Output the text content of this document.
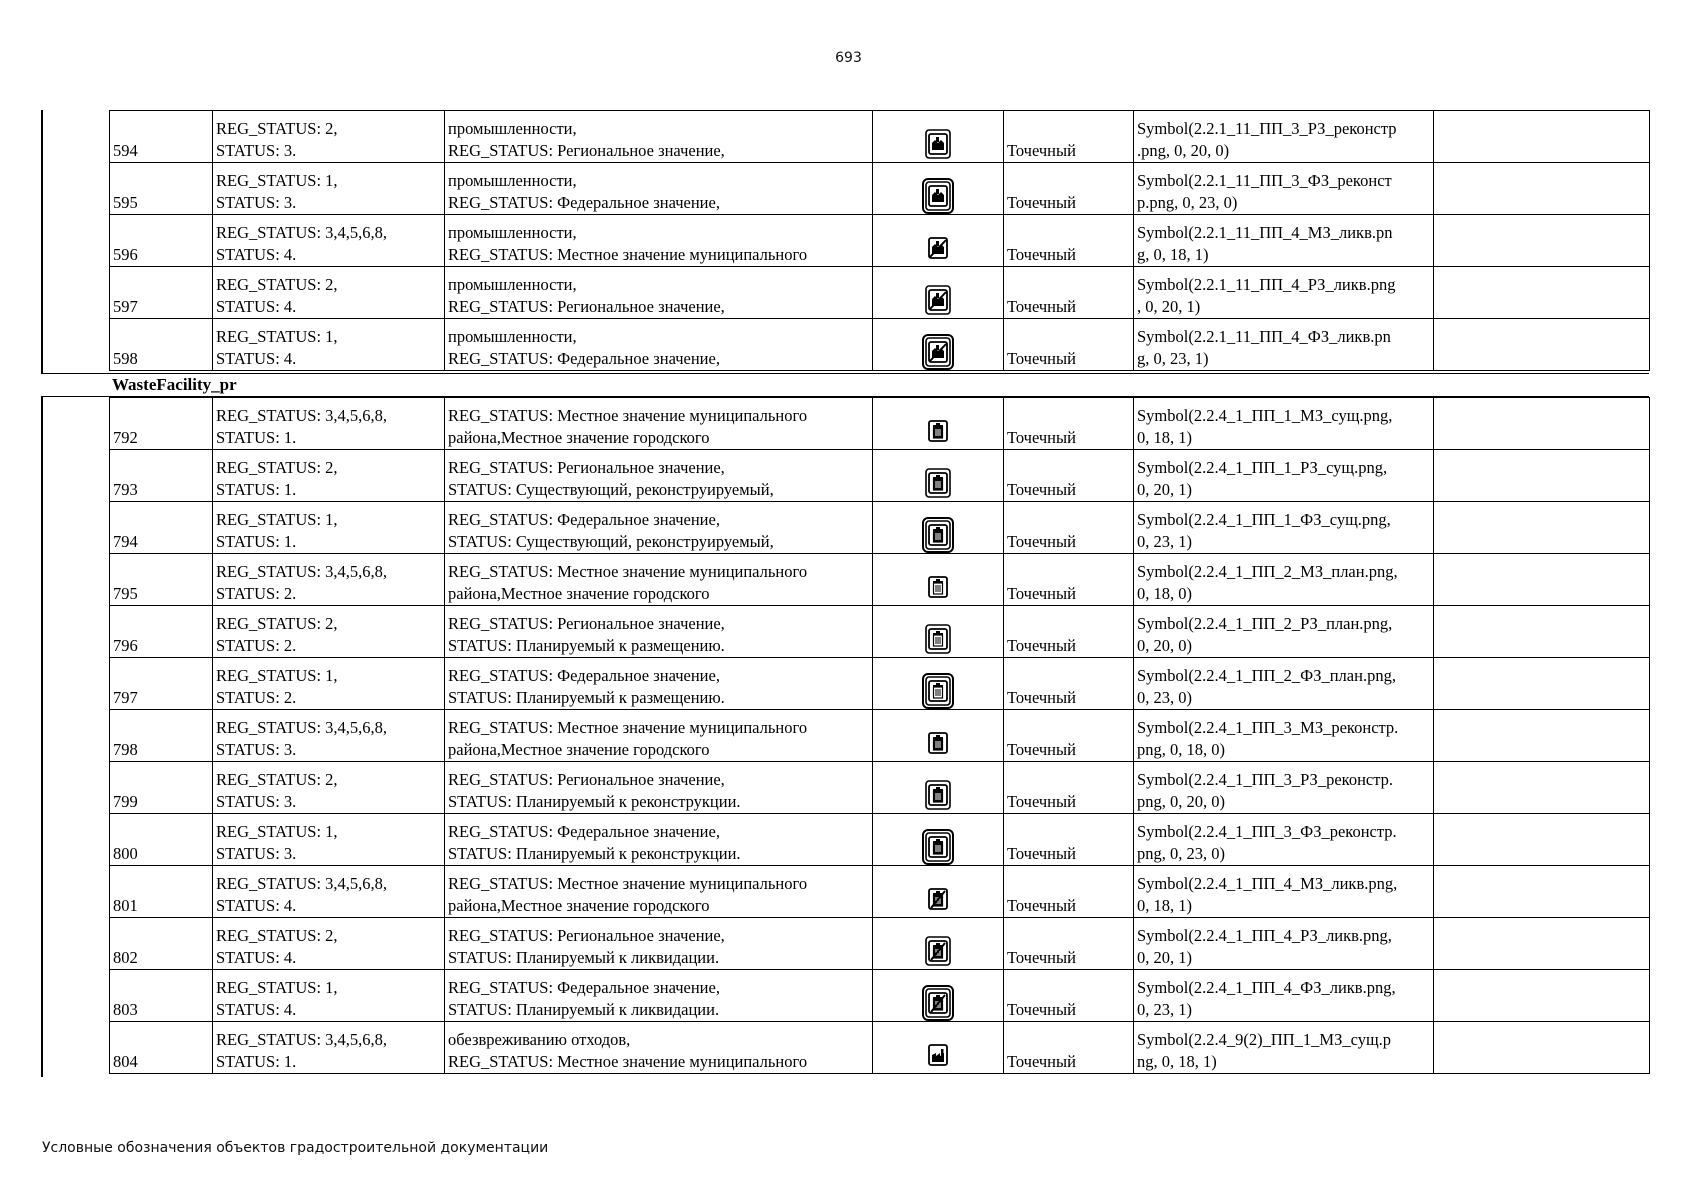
693
594	REG_STATUS: 2,
STATUS: 3.	промышленности,
REG_STATUS: Региональное значение,		Точечный	Symbol(2.2.1_11_ПП_3_РЗ_реконстр
.png, 0, 20, 0)	

595	REG_STATUS: 1,
STATUS: 3.	промышленности,
REG_STATUS: Федеральное значение,		Точечный	Symbol(2.2.1_11_ПП_3_ФЗ_реконст
р.png, 0, 23, 0)	

596	REG_STATUS: 3,4,5,6,8,
STATUS: 4.	промышленности,
REG_STATUS: Местное значение муниципального		Точечный	Symbol(2.2.1_11_ПП_4_МЗ_ликв.pn
g, 0, 18, 1)	

597	REG_STATUS: 2,
STATUS: 4.	промышленности,
REG_STATUS: Региональное значение,		Точечный	Symbol(2.2.1_11_ПП_4_РЗ_ликв.png
, 0, 20, 1)	

598	REG_STATUS: 1,
STATUS: 4.	промышленности,
REG_STATUS: Федеральное значение,		Точечный	Symbol(2.2.1_11_ПП_4_ФЗ_ликв.pn
g, 0, 23, 1)	

WasteFacility_pr
792	REG_STATUS: 3,4,5,6,8,
STATUS: 1.	REG_STATUS: Местное значение муниципального
района,Местное значение городского		Точечный	Symbol(2.2.4_1_ПП_1_МЗ_сущ.png,
0, 18, 1)	

793	REG_STATUS: 2,
STATUS: 1.	REG_STATUS: Региональное значение,
STATUS: Существующий, реконструируемый,		Точечный	Symbol(2.2.4_1_ПП_1_РЗ_сущ.png,
0, 20, 1)	

794	REG_STATUS: 1,
STATUS: 1.	REG_STATUS: Федеральное значение,
STATUS: Существующий, реконструируемый,		Точечный	Symbol(2.2.4_1_ПП_1_ФЗ_сущ.png,
0, 23, 1)	

795	REG_STATUS: 3,4,5,6,8,
STATUS: 2.	REG_STATUS: Местное значение муниципального
района,Местное значение городского		Точечный	Symbol(2.2.4_1_ПП_2_МЗ_план.png,
0, 18, 0)	

796	REG_STATUS: 2,
STATUS: 2.	REG_STATUS: Региональное значение,
STATUS: Планируемый к размещению.		Точечный	Symbol(2.2.4_1_ПП_2_РЗ_план.png,
0, 20, 0)	

797	REG_STATUS: 1,
STATUS: 2.	REG_STATUS: Федеральное значение,
STATUS: Планируемый к размещению.		Точечный	Symbol(2.2.4_1_ПП_2_ФЗ_план.png,
0, 23, 0)	

798	REG_STATUS: 3,4,5,6,8,
STATUS: 3.	REG_STATUS: Местное значение муниципального
района,Местное значение городского		Точечный	Symbol(2.2.4_1_ПП_3_МЗ_реконстр.
png, 0, 18, 0)	

799	REG_STATUS: 2,
STATUS: 3.	REG_STATUS: Региональное значение,
STATUS: Планируемый к реконструкции.		Точечный	Symbol(2.2.4_1_ПП_3_РЗ_реконстр.
png, 0, 20, 0)	

800	REG_STATUS: 1,
STATUS: 3.	REG_STATUS: Федеральное значение,
STATUS: Планируемый к реконструкции.		Точечный	Symbol(2.2.4_1_ПП_3_ФЗ_реконстр.
png, 0, 23, 0)	

801	REG_STATUS: 3,4,5,6,8,
STATUS: 4.	REG_STATUS: Местное значение муниципального
района,Местное значение городского		Точечный	Symbol(2.2.4_1_ПП_4_МЗ_ликв.png,
0, 18, 1)	

802	REG_STATUS: 2,
STATUS: 4.	REG_STATUS: Региональное значение,
STATUS: Планируемый к ликвидации.		Точечный	Symbol(2.2.4_1_ПП_4_РЗ_ликв.png,
0, 20, 1)	

803	REG_STATUS: 1,
STATUS: 4.	REG_STATUS: Федеральное значение,
STATUS: Планируемый к ликвидации.		Точечный	Symbol(2.2.4_1_ПП_4_ФЗ_ликв.png,
0, 23, 1)	

804	REG_STATUS: 3,4,5,6,8,
STATUS: 1.	обезвреживанию отходов,
REG_STATUS: Местное значение муниципального		Точечный	Symbol(2.2.4_9(2)_ПП_1_МЗ_сущ.р
ng, 0, 18, 1)	

Условные обозначения объектов градостроительной документации
